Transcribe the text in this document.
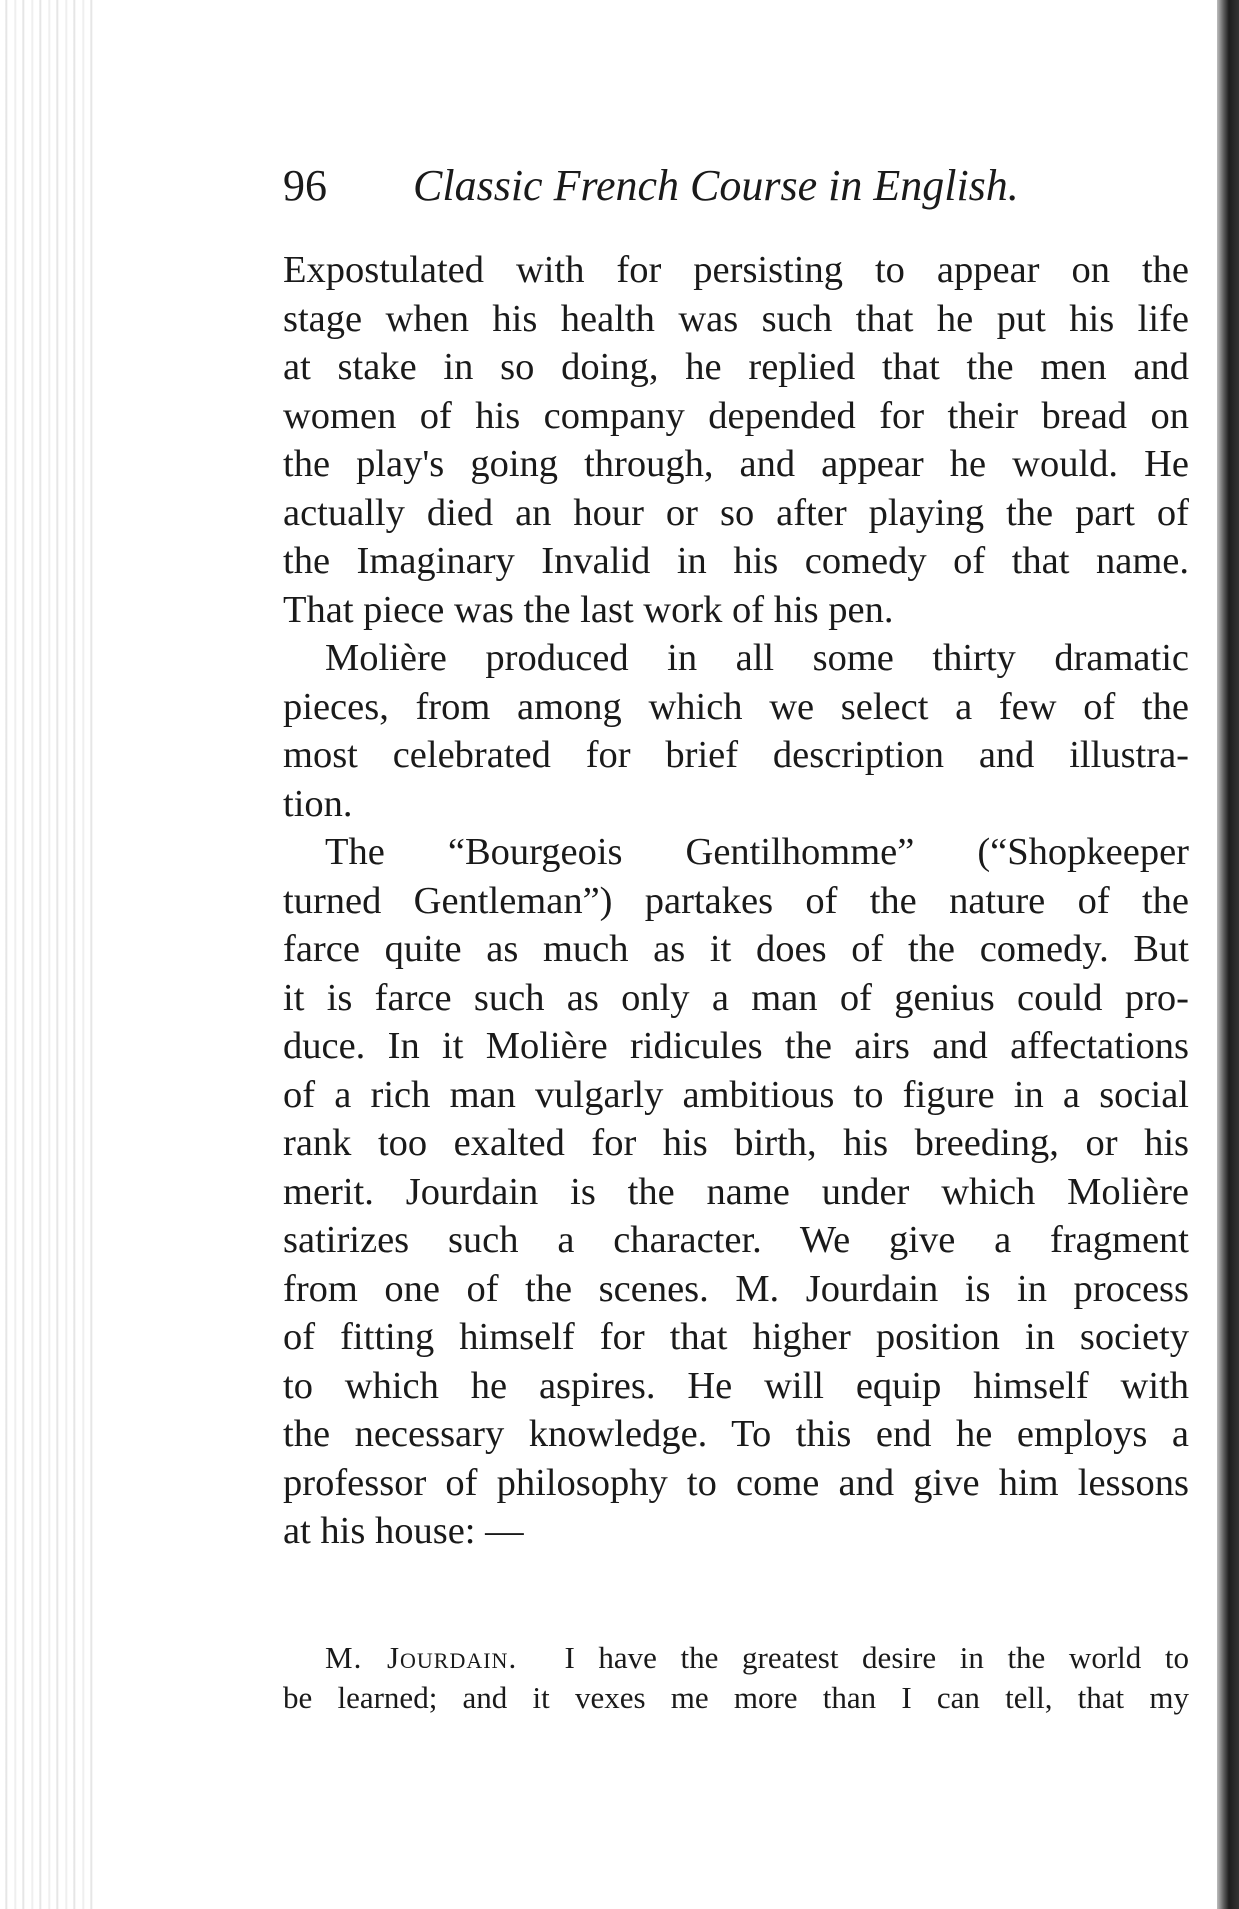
96 Classic French Course in English.

Expostulated with for persisting to appear on the
stage when his health was such that he put his life
at stake in so doing, he replied that the men and
women of his company depended for their bread on
the play's going through, and appear he would. He
actually died an hour or so after playing the part of
the Imaginary Invalid in his comedy of that name.
That piece was the last work of his pen.

Molière produced in all some thirty dramatic
pieces, from among which we select a few of the
most celebrated for brief description and illustra-
tion.

The “Bourgeois Gentilhomme” (“Shopkeeper
turned Gentleman”) partakes of the nature of the
farce quite as much as it does of the comedy. But
it is farce such as only a man of genius could pro-
duce. In it Molière ridicules the airs and affectations
of a rich man vulgarly ambitious to figure in a social
rank too exalted for his birth, his breeding, or his
merit. Jourdain is the name under which Molière
satirizes such a character. We give a fragment
from one of the scenes. M. Jourdain is in process
of fitting himself for that higher position in society
to which he aspires. He will equip himself with
the necessary knowledge. To this end he employs a
professor of philosophy to come and give him lessons
at his house: —

M. Jourdain. I have the greatest desire in the world to
be learned; and it vexes me more than I can tell, that my
